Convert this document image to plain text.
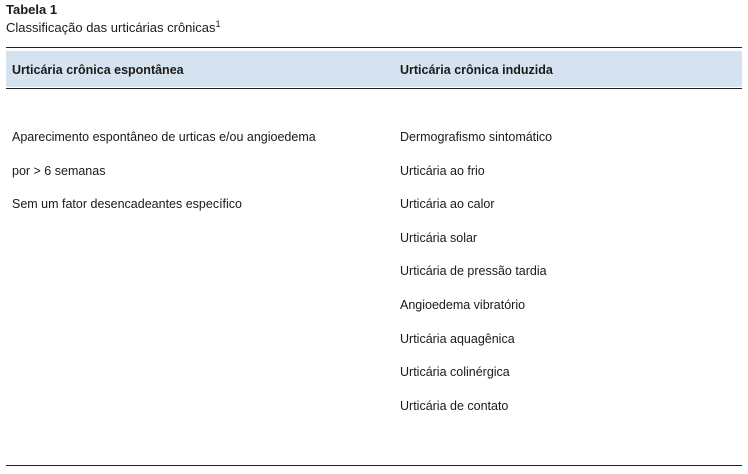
Tabela 1
Classificação das urticárias crônicas$^1$
Urticária crônica espontânea	Urticária crônica induzida
Aparecimento espontâneo de urticas e/ou angioedema
por > 6 semanas
Sem um fator desencadeantes específico
Dermografismo sintomático
Urticária ao frio
Urticária ao calor
Urticária solar
Urticária de pressão tardia
Angioedema vibratório
Urticária aquagênica
Urticária colinérgica
Urticária de contato
